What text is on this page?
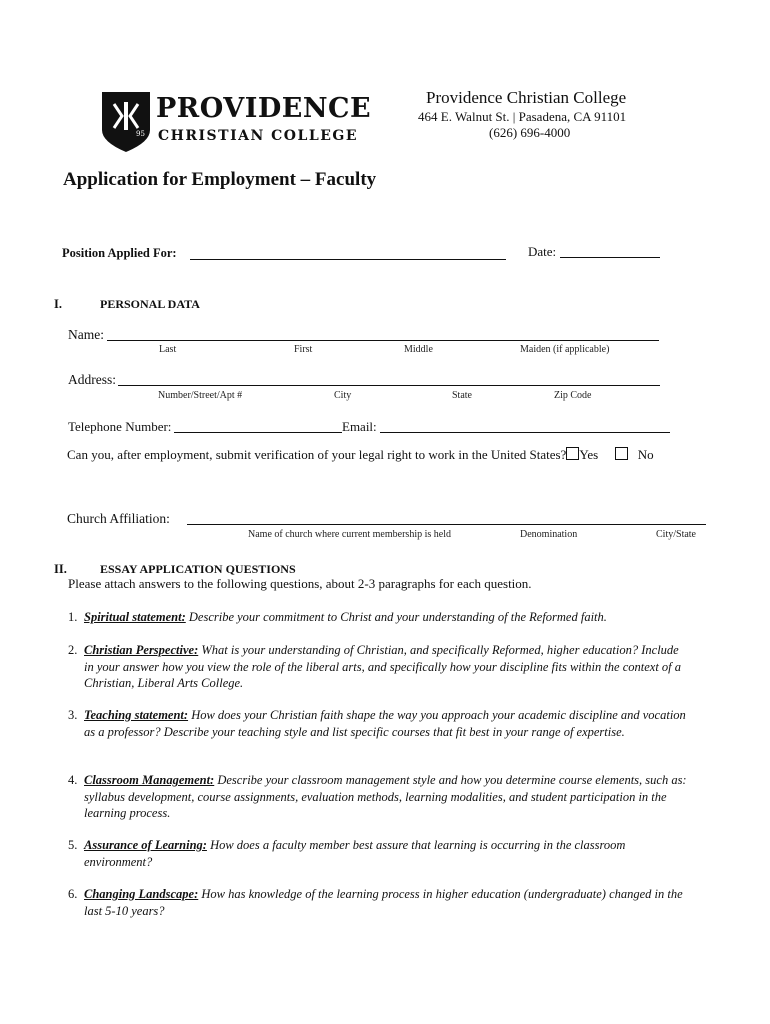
95
PROVIDENCE
CHRISTIAN COLLEGE
Providence Christian College
464 E. Walnut St. | Pasadena, CA 91101
(626) 696-4000
Application for Employment – Faculty
Position Applied For:	Date:
I.	PERSONAL DATA
Name:
Last	First	Middle	Maiden (if applicable)
Address:
Number/Street/Apt #	City	State	Zip Code
Telephone Number:	Email:
Can you, after employment, submit verification of your legal right to work in the United States? Yes	No
Church Affiliation:
Name of church where current membership is held	Denomination	City/State
II.	ESSAY APPLICATION QUESTIONS
Please attach answers to the following questions, about 2-3 paragraphs for each question.
1. Spiritual statement: Describe your commitment to Christ and your understanding of the Reformed faith.
2. Christian Perspective: What is your understanding of Christian, and specifically Reformed, higher education? Include in your answer how you view the role of the liberal arts, and specifically how your discipline fits within the context of a Christian, Liberal Arts College.
3. Teaching statement: How does your Christian faith shape the way you approach your academic discipline and vocation as a professor? Describe your teaching style and list specific courses that fit best in your range of expertise.
4. Classroom Management: Describe your classroom management style and how you determine course elements, such as: syllabus development, course assignments, evaluation methods, learning modalities, and student participation in the learning process.
5. Assurance of Learning: How does a faculty member best assure that learning is occurring in the classroom environment?
6. Changing Landscape: How has knowledge of the learning process in higher education (undergraduate) changed in the last 5-10 years?
